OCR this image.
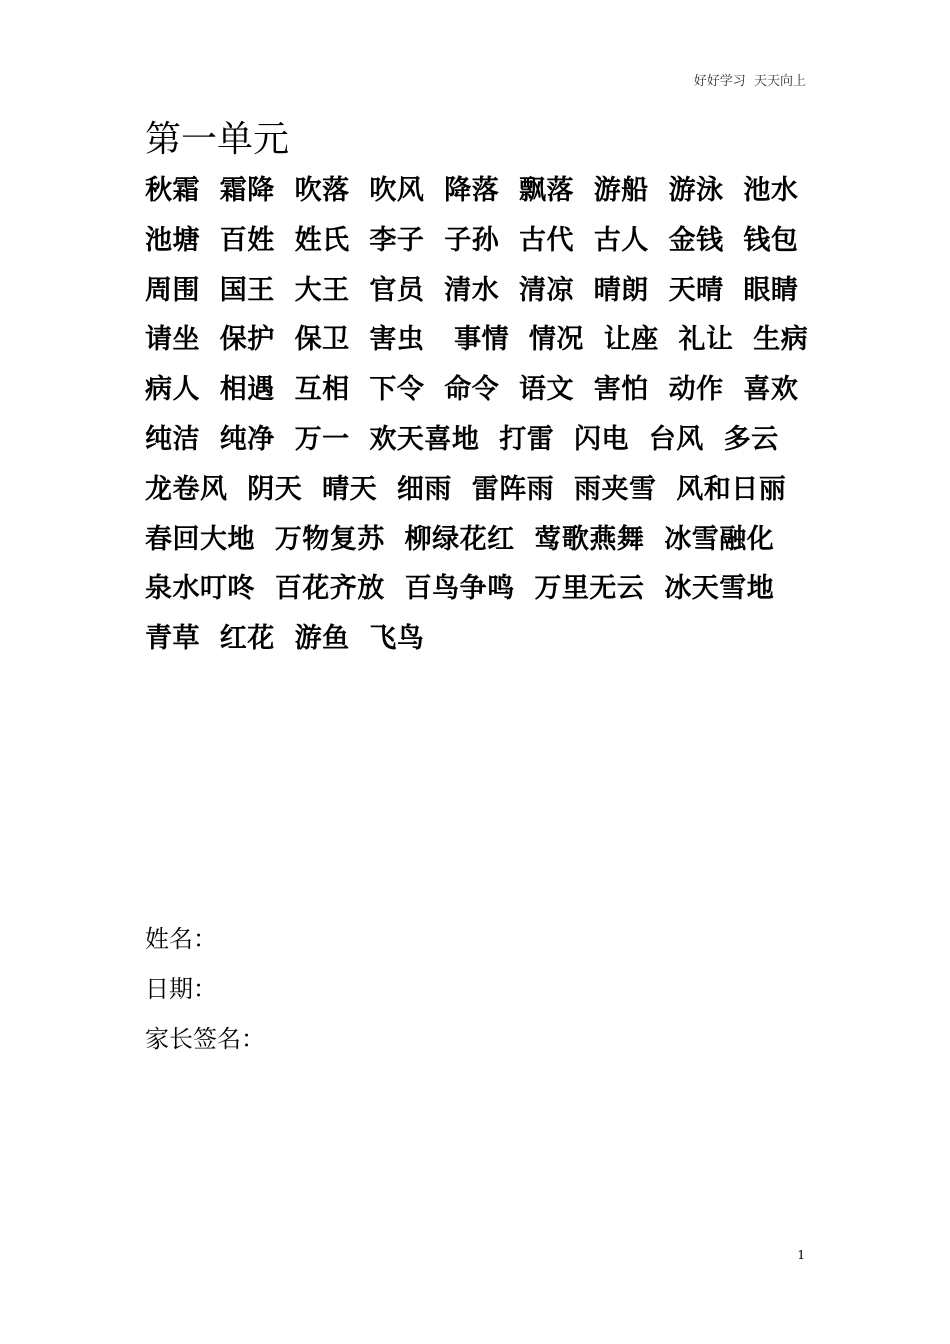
好好学习  天天向上
第一单元
秋霜  霜降  吹落  吹风  降落  飘落  游船  游泳  池水
池塘  百姓  姓氏  李子  子孙  古代  古人  金钱  钱包
周围  国王  大王  官员  清水  清凉  晴朗  天晴  眼睛
请坐  保护  保卫  害虫   事情  情况  让座  礼让  生病
病人  相遇  互相  下令  命令  语文  害怕  动作  喜欢
纯洁  纯净  万一  欢天喜地  打雷  闪电  台风  多云
龙卷风  阴天  晴天  细雨  雷阵雨  雨夹雪  风和日丽
春回大地  万物复苏  柳绿花红  莺歌燕舞  冰雪融化
泉水叮咚  百花齐放  百鸟争鸣  万里无云  冰天雪地
青草  红花  游鱼  飞鸟
姓名：
日期：
家长签名：
1
